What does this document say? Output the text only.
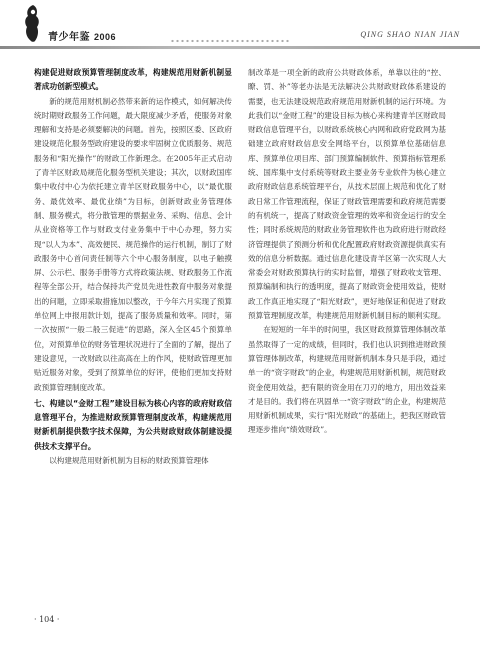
青少年鉴 2006	QING SHAO NIAN JIAN

构建促进财政预算管理制度改革，构建规范用财新机制显著成功创新型模式。

新的规范用财机制必然带来新的运作模式，如何解决传统时期财政服务工作问题，最大限度减少矛盾，使服务对象理解和支持是必须要解决的问题。首先，按照区委、区政府建设规范化服务型政府建设的要求牢固树立优质服务、规范服务和“阳光操作”的财政工作新理念。在2005年正式启动了青羊区财政局规范化服务型机关建设；其次，以财政国库集中收付中心为依托建立青羊区财政服务中心，以“最优服务、最优效率、最优业绩”为目标，创新财政业务管理体制、服务模式，将分散管理的票据业务、采购、信息、会计从业资格等工作与财政支付业务集中于中心办理，努力实现“以人为本”、高效便民、规范操作的运行机制，制订了财政服务中心首问责任制等六个中心服务制度，以电子触摸屏、公示栏、服务手册等方式将政策法规、财政服务工作流程等全部公开，结合保持共产党员先进性教育中服务对象提出的问题，立即采取措施加以整改，于今年六月实现了预算单位网上申报用款计划，提高了服务质量和效率。同时，第一次按照“一般二般三促进”的思路，深入全区45个预算单位，对预算单位的财务管理状况进行了全面的了解，提出了建设意见，一改财政以往高高在上的作风，使财政管理更加贴近服务对象，受到了预算单位的好评，使他们更加支持财政预算管理制度改革。

七、构建以“金财工程”建设目标为核心内容的政府财政信息管理平台，为推进财政预算管理制度改革，构建规范用财新机制提供数字技术保障，为公共财政财政体制建设提供技术支撑平台。

以构建规范用财新机制为目标的财政预算管理体

制改革是一项全新的政府公共财政体系，单靠以往的“控、瞭、罚、补”等老办法是无法解决公共财政财政体系建设的需要，也无法建设规范政府规范用财新机制的运行环境。为此我们以“金财工程”的建设目标为核心来构建青羊区财政局财政信息管理平台，以财政系统核心内网和政府党政网为基础建立政府财政信息安全网络平台，以预算单位基础信息库、预算单位项目库、部门预算编制软件、预算指标管理系统、国库集中支付系统等财政主要业务专业软件为核心建立政府财政信息系统管理平台，从技术层面上规范和优化了财政日常工作管理流程，保证了财政管理需要和政府规范需要的有机统一，提高了财政资金管理的效率和资金运行的安全性；同时系统规范的财政业务管理软件也为政府进行财政经济管理提供了预测分析和优化配置政府财政资源提供真实有效的信息分析数据。通过信息化建设青羊区第一次实现人大常委会对财政预算执行的实时监督，增强了财政收支管理、预算编制和执行的透明度，提高了财政资金使用效益，使财政工作真正地实现了“阳光财政”，更好地保证和促进了财政预算管理制度改革，构建规范用财新机制目标的顺利实现。

在短短的一年半的时间里，我区财政预算管理体制改革虽然取得了一定的成绩，但同时，我们也认识到推进财政预算管理体制改革，构建规范用财新机制本身只是手段，通过单一的“资字财政”的企业，构建规范用财新机制，规范财政资金使用效益，把有限的资金用在刀刃的地方，用出效益来才是目的。我们将在巩固单一“资字财政”的企业，构建规范用财新机制成果，实行“阳光财政”的基础上，把我区财政管理逐步推向“绩效财政”。

· 104 ·
